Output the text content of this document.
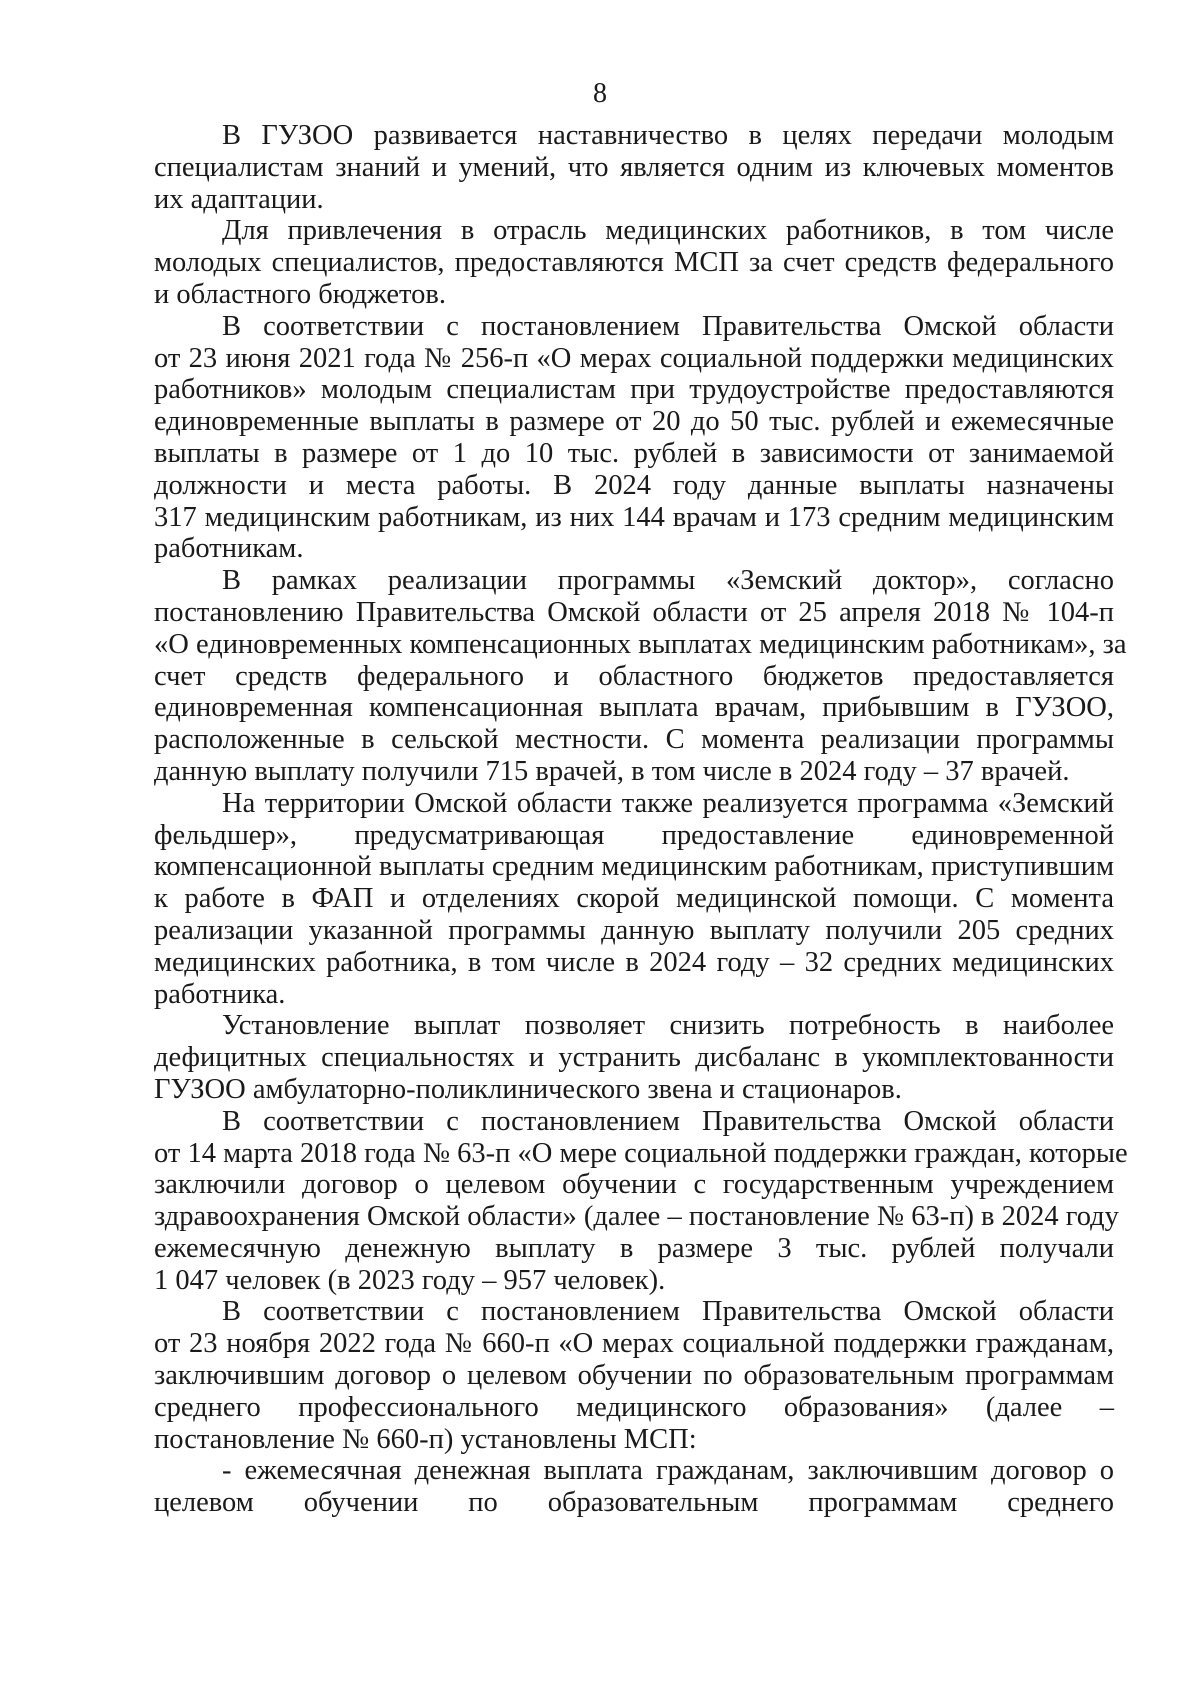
8
В ГУЗОО развивается наставничество в целях передачи молодым
специалистам знаний и умений, что является одним из ключевых моментов
их адаптации.
Для привлечения в отрасль медицинских работников, в том числе
молодых специалистов, предоставляются МСП за счет средств федерального
и областного бюджетов.
В соответствии с постановлением Правительства Омской области
от 23 июня 2021 года № 256-п «О мерах социальной поддержки медицинских
работников» молодым специалистам при трудоустройстве предоставляются
единовременные выплаты в размере от 20 до 50 тыс. рублей и ежемесячные
выплаты в размере от 1 до 10 тыс. рублей в зависимости от занимаемой
должности и места работы. В 2024 году данные выплаты назначены
317 медицинским работникам, из них 144 врачам и 173 средним медицинским
работникам.
В рамках реализации программы «Земский доктор», согласно
постановлению Правительства Омской области от 25 апреля 2018 № 104-п
«О единовременных компенсационных выплатах медицинским работникам», за
счет средств федерального и областного бюджетов предоставляется
единовременная компенсационная выплата врачам, прибывшим в ГУЗОО,
расположенные в сельской местности. С момента реализации программы
данную выплату получили 715 врачей, в том числе в 2024 году – 37 врачей.
На территории Омской области также реализуется программа «Земский
фельдшер», предусматривающая предоставление единовременной
компенсационной выплаты средним медицинским работникам, приступившим
к работе в ФАП и отделениях скорой медицинской помощи. С момента
реализации указанной программы данную выплату получили 205 средних
медицинских работника, в том числе в 2024 году – 32 средних медицинских
работника.
Установление выплат позволяет снизить потребность в наиболее
дефицитных специальностях и устранить дисбаланс в укомплектованности
ГУЗОО амбулаторно-поликлинического звена и стационаров.
В соответствии с постановлением Правительства Омской области
от 14 марта 2018 года № 63-п «О мере социальной поддержки граждан, которые
заключили договор о целевом обучении с государственным учреждением
здравоохранения Омской области» (далее – постановление № 63-п) в 2024 году
ежемесячную денежную выплату в размере 3 тыс. рублей получали
1 047 человек (в 2023 году – 957 человек).
В соответствии с постановлением Правительства Омской области
от 23 ноября 2022 года № 660-п «О мерах социальной поддержки гражданам,
заключившим договор о целевом обучении по образовательным программам
среднего профессионального медицинского образования» (далее –
постановление № 660-п) установлены МСП:
- ежемесячная денежная выплата гражданам, заключившим договор о
целевом обучении по образовательным программам среднего
